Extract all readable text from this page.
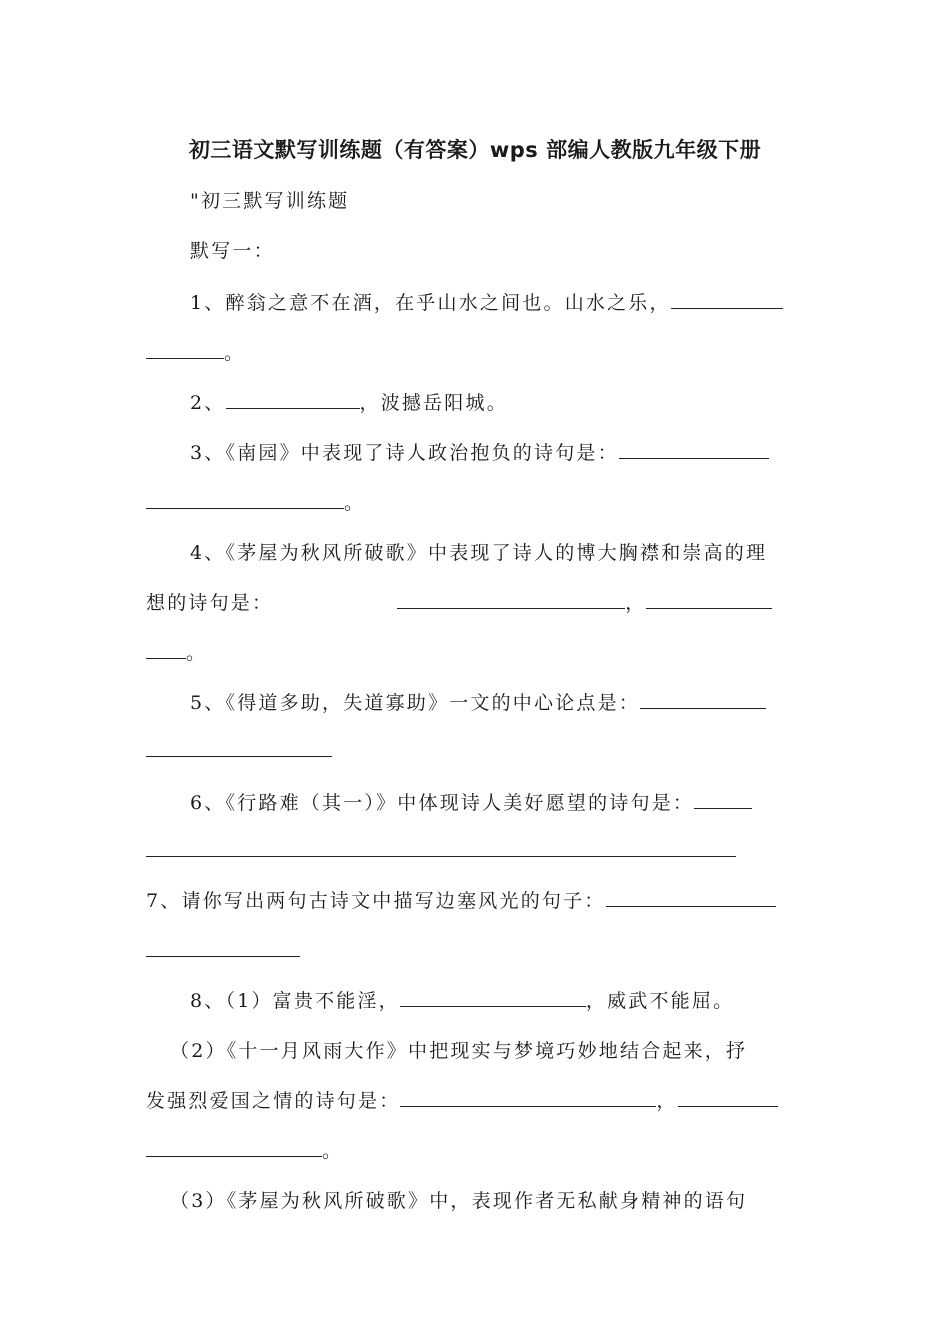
初三语文默写训练题（有答案）wps 部编人教版九年级下册
"初三默写训练题
默写一：
1、醉翁之意不在酒，在乎山水之间也。山水之乐，
。
2、	，波撼岳阳城。
3、《南园》中表现了诗人政治抱负的诗句是：
。
4、《茅屋为秋风所破歌》中表现了诗人的博大胸襟和崇高的理
想的诗句是：	，
。
5、《得道多助，失道寡助》一文的中心论点是：
6、《行路难（其一）》中体现诗人美好愿望的诗句是：
7、请你写出两句古诗文中描写边塞风光的句子：
8、（1）富贵不能淫，	，威武不能屈。
（2）《十一月风雨大作》中把现实与梦境巧妙地结合起来，抒
发强烈爱国之情的诗句是：	，
。
（3）《茅屋为秋风所破歌》中，表现作者无私献身精神的语句
